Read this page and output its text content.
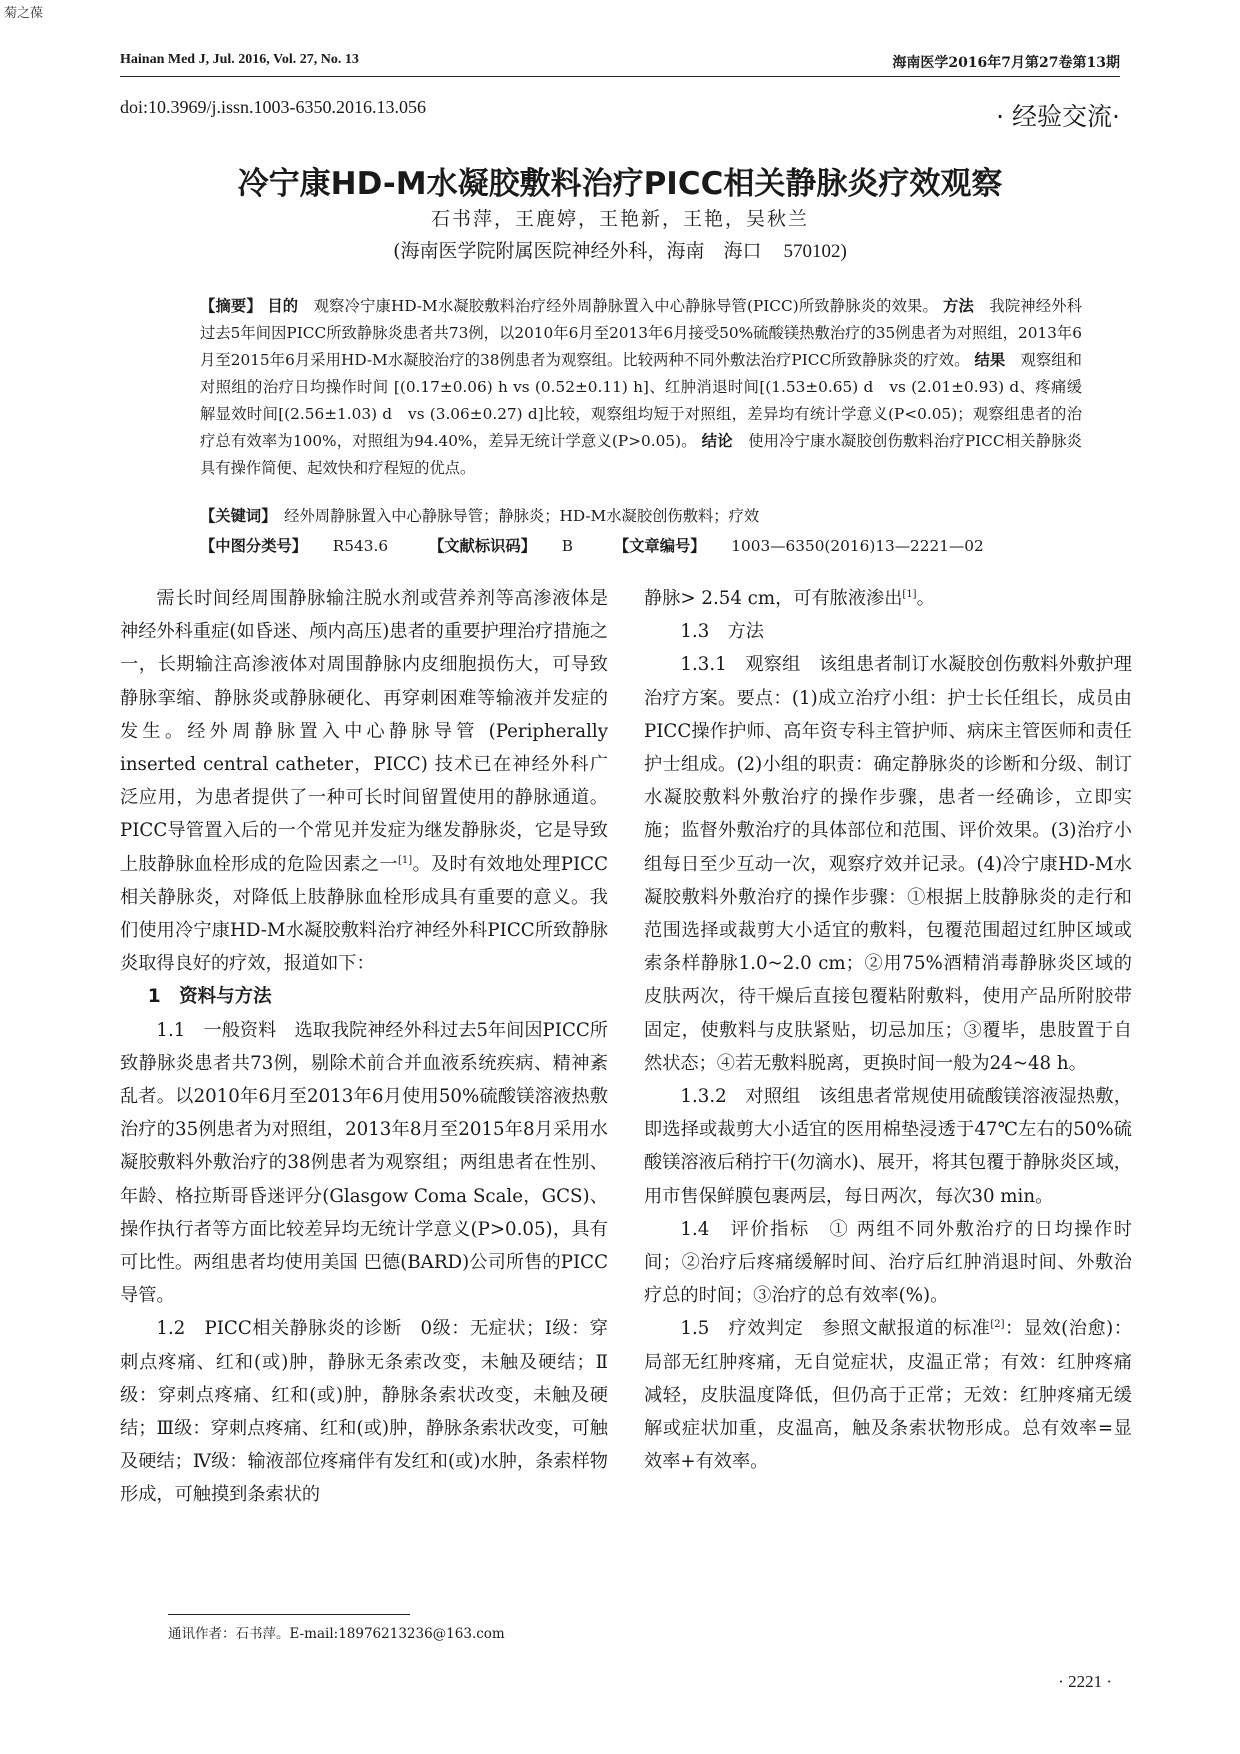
菊之葆
Hainan Med J, Jul. 2016, Vol. 27, No. 13	海南医学2016年7月第27卷第13期
doi:10.3969/j.issn.1003-6350.2016.13.056	· 经验交流·
冷宁康HD-M水凝胶敷料治疗PICC相关静脉炎疗效观察
石书萍，王鹿婷，王艳新，王艳，吴秋兰
(海南医学院附属医院神经外科，海南　海口 570102)

【摘要】 目的　 观察冷宁康HD-M水凝胶敷料治疗经外周静脉置入中心静脉导管(PICC)所致静脉炎的效果。 方法　 我院神经外科过去5年间因PICC所致静脉炎患者共73例，以2010年6月至2013年6月接受50%硫酸镁热敷治疗的35例患者为对照组，2013年6月至2015年6月采用HD-M水凝胶治疗的38例患者为观察组。比较两种不同外敷法治疗PICC所致静脉炎的疗效。 结果　 观察组和对照组的治疗日均操作时间 [(0.17±0.06) h vs (0.52±0.11) h]、红肿消退时间[(1.53±0.65) d　vs (2.01±0.93) d、疼痛缓解显效时间[(2.56±1.03) d　vs (3.06±0.27) d]比较，观察组均短于对照组，差异均有统计学意义(P<0.05)；观察组患者的治疗总有效率为100%，对照组为94.40%，差异无统计学意义(P>0.05)。 结论　 使用冷宁康水凝胶创伤敷料治疗PICC相关静脉炎具有操作简便、起效快和疗程短的优点。

【关键词】　 经外周静脉置入中心静脉导管；静脉炎；HD-M水凝胶创伤敷料；疗效
【中图分类号】　 R543.6	【文献标识码】　 B	【文章编号】　 1003—6350(2016)13—2221—02

需长时间经周围静脉输注脱水剂或营养剂等高渗液体是神经外科重症(如昏迷、颅内高压)患者的重要护理治疗措施之一，长期输注高渗液体对周围静脉内皮细胞损伤大，可导致静脉挛缩、静脉炎或静脉硬化、再穿刺困难等输液并发症的发生。经外周静脉置入中心静脉导管 (Peripherally inserted central catheter，PICC) 技术已在神经外科广泛应用，为患者提供了一种可长时间留置使用的静脉通道。PICC导管置入后的一个常见并发症为继发静脉炎，它是导致上肢静脉血栓形成的危险因素之一[1]。及时有效地处理PICC相关静脉炎，对降低上肢静脉血栓形成具有重要的意义。我们使用冷宁康HD-M水凝胶敷料治疗神经外科PICC所致静脉炎取得良好的疗效，报道如下：

1　资料与方法

1.1　一般资料　选取我院神经外科过去5年间因PICC所致静脉炎患者共73例，剔除术前合并血液系统疾病、精神紊乱者。以2010年6月至2013年6月使用50%硫酸镁溶液热敷治疗的35例患者为对照组，2013年8月至2015年8月采用水凝胶敷料外敷治疗的38例患者为观察组；两组患者在性别、年龄、格拉斯哥昏迷评分(Glasgow Coma Scale，GCS)、操作执行者等方面比较差异均无统计学意义(P>0.05)，具有可比性。两组患者均使用美国 巴德(BARD)公司所售的PICC导管。

1.2　PICC相关静脉炎的诊断　0级：无症状；Ⅰ级：穿刺点疼痛、红和(或)肿，静脉无条索改变，未触及硬结；Ⅱ级：穿刺点疼痛、红和(或)肿，静脉条索状改变，未触及硬结；Ⅲ级：穿刺点疼痛、红和(或)肿，静脉条索状改变，可触及硬结；Ⅳ级：输液部位疼痛伴有发红和(或)水肿，条索样物形成，可触摸到条索状的

静脉> 2.54 cm，可有脓液渗出[1]。

1.3　方法

1.3.1　观察组　该组患者制订水凝胶创伤敷料外敷护理治疗方案。要点：(1)成立治疗小组：护士长任组长，成员由PICC操作护师、高年资专科主管护师、病床主管医师和责任护士组成。(2)小组的职责：确定静脉炎的诊断和分级、制订水凝胶敷料外敷治疗的操作步骤，患者一经确诊，立即实施；监督外敷治疗的具体部位和范围、评价效果。(3)治疗小组每日至少互动一次，观察疗效并记录。(4)冷宁康HD-M水凝胶敷料外敷治疗的操作步骤：①根据上肢静脉炎的走行和范围选择或裁剪大小适宜的敷料，包覆范围超过红肿区域或索条样静脉1.0~2.0 cm；②用75%酒精消毒静脉炎区域的皮肤两次，待干燥后直接包覆粘附敷料，使用产品所附胶带固定，使敷料与皮肤紧贴，切忌加压；③覆毕，患肢置于自然状态；④若无敷料脱离，更换时间一般为24~48 h。

1.3.2　对照组　该组患者常规使用硫酸镁溶液湿热敷，即选择或裁剪大小适宜的医用棉垫浸透于47℃左右的50%硫酸镁溶液后稍拧干(勿滴水)、展开，将其包覆于静脉炎区域，用市售保鲜膜包裹两层，每日两次，每次30 min。

1.4　评价指标　① 两组不同外敷治疗的日均操作时间；②治疗后疼痛缓解时间、治疗后红肿消退时间、外敷治疗总的时间；③治疗的总有效率(%)。

1.5　疗效判定　参照文献报道的标准[2]：显效(治愈)：局部无红肿疼痛，无自觉症状，皮温正常；有效：红肿疼痛减轻，皮肤温度降低，但仍高于正常；无效：红肿疼痛无缓解或症状加重，皮温高，触及条索状物形成。总有效率=显效率+有效率。

通讯作者：石书萍。E-mail:18976213236@163.com
· 2221 ·
